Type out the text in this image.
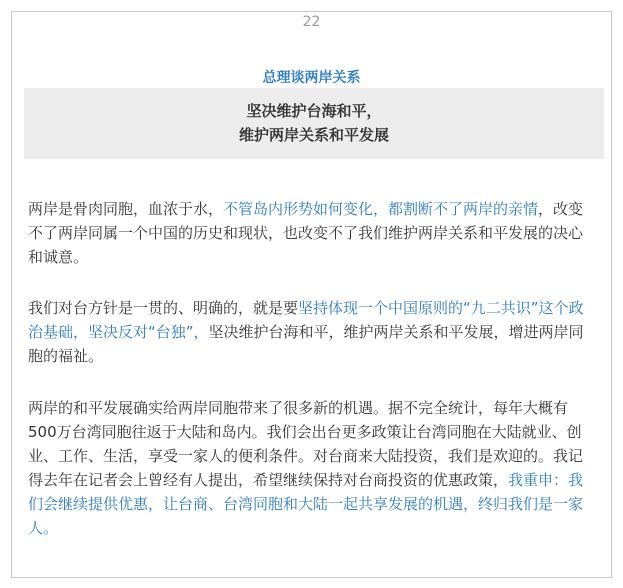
22
总理谈两岸关系
坚决维护台海和平，
维护两岸关系和平发展

两岸是骨肉同胞，血浓于水，不管岛内形势如何变化，都割断不了两岸的亲情，改变不了两岸同属一个中国的历史和现状，也改变不了我们维护两岸关系和平发展的决心和诚意。

我们对台方针是一贯的、明确的，就是要坚持体现一个中国原则的“九二共识”这个政治基础，坚决反对“台独”，坚决维护台海和平，维护两岸关系和平发展，增进两岸同胞的福祉。

两岸的和平发展确实给两岸同胞带来了很多新的机遇。据不完全统计，每年大概有500万台湾同胞往返于大陆和岛内。我们会出台更多政策让台湾同胞在大陆就业、创业、工作、生活，享受一家人的便利条件。对台商来大陆投资，我们是欢迎的。我记得去年在记者会上曾经有人提出，希望继续保持对台商投资的优惠政策，我重申：我们会继续提供优惠，让台商、台湾同胞和大陆一起共享发展的机遇，终归我们是一家人。
